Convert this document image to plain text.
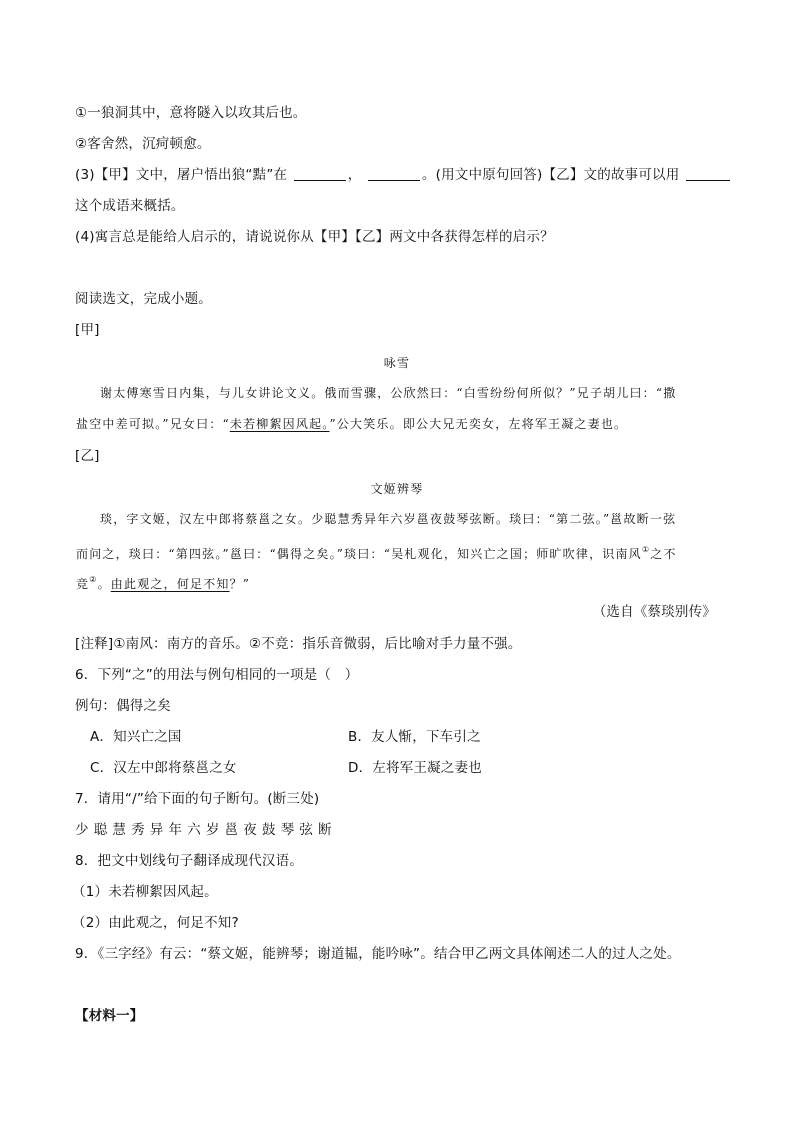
①一狼洞其中，意将隧入以攻其后也。
②客舍然，沉疴顿愈。
(3)【甲】文中，屠户悟出狼“黠”在	，	。(用文中原句回答)【乙】文的故事可以用
这个成语来概括。
(4)寓言总是能给人启示的，请说说你从【甲】【乙】两文中各获得怎样的启示？
阅读选文，完成小题。
[甲]
咏雪
谢太傅寒雪日内集，与儿女讲论文义。俄而雪骤，公欣然曰：“白雪纷纷何所似？”兄子胡儿曰：“撒
盐空中差可拟。”兄女曰：“未若柳絮因风起。”公大笑乐。即公大兄无奕女，左将军王凝之妻也。
[乙]
文姬辨琴
琰，字文姬，汉左中郎将蔡邕之女。少聪慧秀异年六岁邕夜鼓琴弦断。琰曰：“第二弦。”邕故断一弦
而问之，琰曰：“第四弦。”邕曰：“偶得之矣。”琰曰：“吴札观化，知兴亡之国；师旷吹律，识南风①之不
竞②。由此观之，何足不知？”
（选自《蔡琰别传》
[注释]①南风：南方的音乐。②不竞：指乐音微弱，后比喻对手力量不强。
6．下列“之”的用法与例句相同的一项是（　）
例句：偶得之矣
A．知兴亡之国	B．友人惭，下车引之
C．汉左中郎将蔡邕之女	D．左将军王凝之妻也
7．请用“/”给下面的句子断句。(断三处)
少聪慧秀异年六岁邕夜鼓琴弦断
8．把文中划线句子翻译成现代汉语。
（1）未若柳絮因风起。
（2）由此观之，何足不知?
9．《三字经》有云：“蔡文姬，能辨琴；谢道韫，能吟咏”。结合甲乙两文具体阐述二人的过人之处。
【材料一】
